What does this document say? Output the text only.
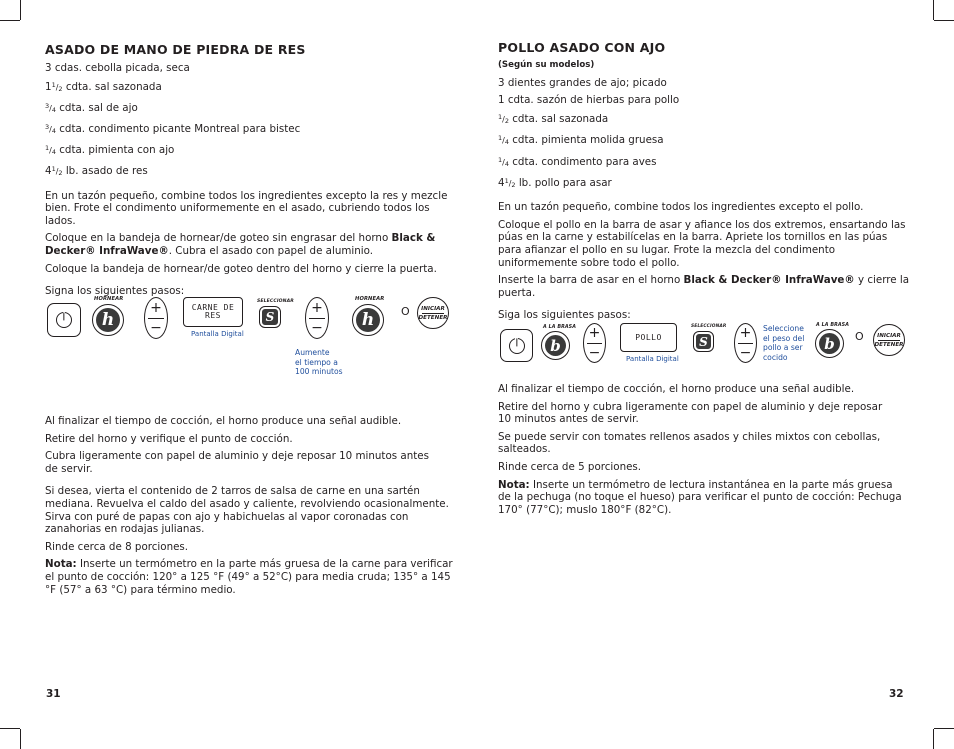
ASADO DE MANO DE PIEDRA DE RES
3 cdas. cebolla picada, seca
$1^1/_2$ cdta. sal sazonada
$^3/_4$ cdta. sal de ajo
$^3/_4$ cdta. condimento picante Montreal para bistec
$^1/_4$ cdta. pimienta con ajo
$4^1/_2$ lb. asado de res
En un tazón pequeño, combine todos los ingredientes excepto la res y mezcle bien. Frote el condimento uniformemente en el asado, cubriendo todos los lados.
Coloque en la bandeja de hornear/de goteo sin engrasar del horno Black & Decker® InfraWave®. Cubra el asado con papel de aluminio.
Coloque la bandeja de hornear/de goteo dentro del horno y cierre la puerta.
Signa los siguientes pasos:
HORNEAR
h
+
−
CARNE DE
RES
Pantalla Digital
SELECCIONAR
S
+
−
Aumente
el tiempo a
100 minutos
HORNEAR
h	O	INICIAR
DETENER
Al finalizar el tiempo de cocción, el horno produce una señal audible.
Retire del horno y verifique el punto de cocción.
Cubra ligeramente con papel de aluminio y deje reposar 10 minutos antes
de servir.
Si desea, vierta el contenido de 2 tarros de salsa de carne en una sartén mediana. Revuelva el caldo del asado y caliente, revolviendo ocasionalmente. Sirva con puré de papas con ajo y habichuelas al vapor coronadas con zanahorias en rodajas julianas.
Rinde cerca de 8 porciones.
Nota: Inserte un termómetro en la parte más gruesa de la carne para verificar el punto de cocción: 120° a 125 °F (49° a 52°C) para media cruda; 135° a 145 °F (57° a 63 °C) para término medio.
31
POLLO ASADO CON AJO
(Según su modelos)
3 dientes grandes de ajo; picado
1 cdta. sazón de hierbas para pollo
$^1/_2$ cdta. sal sazonada
$^1/_4$ cdta. pimienta molida gruesa
$^1/_4$ cdta. condimento para aves
$4^1/_2$ lb. pollo para asar
En un tazón pequeño, combine todos los ingredientes excepto el pollo.
Coloque el pollo en la barra de asar y afiance los dos extremos, ensartando las púas en la carne y estabilícelas en la barra. Apriete los tornillos en las púas para afianzar el pollo en su lugar. Frote la mezcla del condimento uniformemente sobre todo el pollo.
Inserte la barra de asar en el horno Black & Decker® InfraWave® y cierre la puerta.
Siga los siguientes pasos:
A LA BRASA
b
+
−
POLLO
Pantalla Digital
SELECCIONAR
S
+
−
Seleccione
el peso del
pollo a ser
cocido
A LA BRASA
b	O	INICIAR
DETENER
Al finalizar el tiempo de cocción, el horno produce una señal audible.
Retire del horno y cubra ligeramente con papel de aluminio y deje reposar
10 minutos antes de servir.
Se puede servir con tomates rellenos asados y chiles mixtos con cebollas, salteados.
Rinde cerca de 5 porciones.
Nota: Inserte un termómetro de lectura instantánea en la parte más gruesa
de la pechuga (no toque el hueso) para verificar el punto de cocción: Pechuga 170° (77°C); muslo 180°F (82°C).
32
